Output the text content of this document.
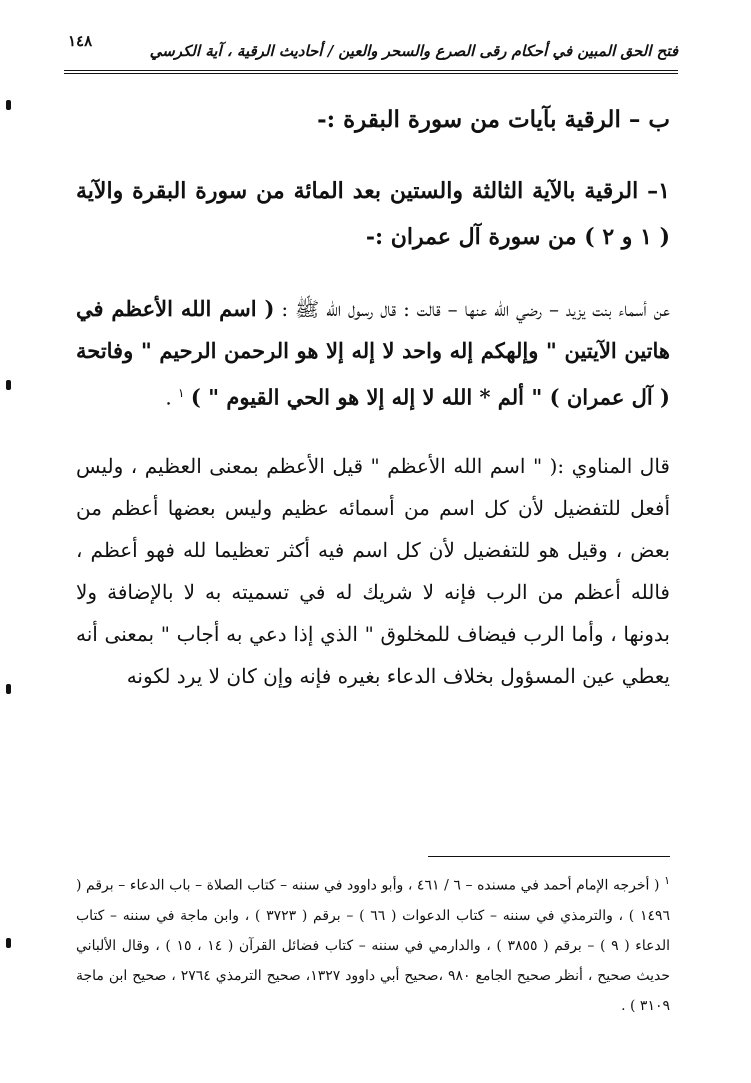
١٤٨
فتح الحق المبين في أحكام رقى الصرع والسحر والعين / أحاديث الرقية ، آية الكرسي
ب – الرقية بآيات من سورة البقرة :-
١– الرقية بالآية الثالثة والستين بعد المائة من سورة البقرة والآية ( ١ و ٢ ) من سورة آل عمران :-

عن أسماء بنت يزيد – رضي الله عنها – قالت : قال رسول الله ﷺ : ( اسم الله الأعظم في هاتين الآيتين " وإلهكم إله واحد لا إله إلا هو الرحمن الرحيم " وفاتحة ( آل عمران ) " ألم * الله لا إله إلا هو الحي القيوم " ) $^١$ .

قال المناوي :( " اسم الله الأعظم " قيل الأعظم بمعنى العظيم ، وليس أفعل للتفضيل لأن كل اسم من أسمائه عظيم وليس بعضها أعظم من بعض ، وقيل هو للتفضيل لأن كل اسم فيه أكثر تعظيما لله فهو أعظم ، فالله أعظم من الرب فإنه لا شريك له في تسميته به لا بالإضافة ولا بدونها ، وأما الرب فيضاف للمخلوق " الذي إذا دعي به أجاب " بمعنى أنه يعطي عين المسؤول بخلاف الدعاء بغيره فإنه وإن كان لا يرد لكونه

$^١$ ( أخرجه الإمام أحمد في مسنده – ٦ / ٤٦١ ، وأبو داوود في سننه – كتاب الصلاة – باب الدعاء – برقم ( ١٤٩٦ ) ، والترمذي في سننه – كتاب الدعوات ( ٦٦ ) – برقم ( ٣٧٢٣ ) ، وابن ماجة في سننه – كتاب الدعاء ( ٩ ) – برقم ( ٣٨٥٥ ) ، والدارمي في سننه – كتاب فضائل القرآن ( ١٤ ، ١٥ ) ، وقال الألباني حديث صحيح ، أنظر صحيح الجامع ٩٨٠ ،صحيح أبي داوود ١٣٢٧، صحيح الترمذي ٢٧٦٤ ، صحيح ابن ماجة ٣١٠٩ ) .
